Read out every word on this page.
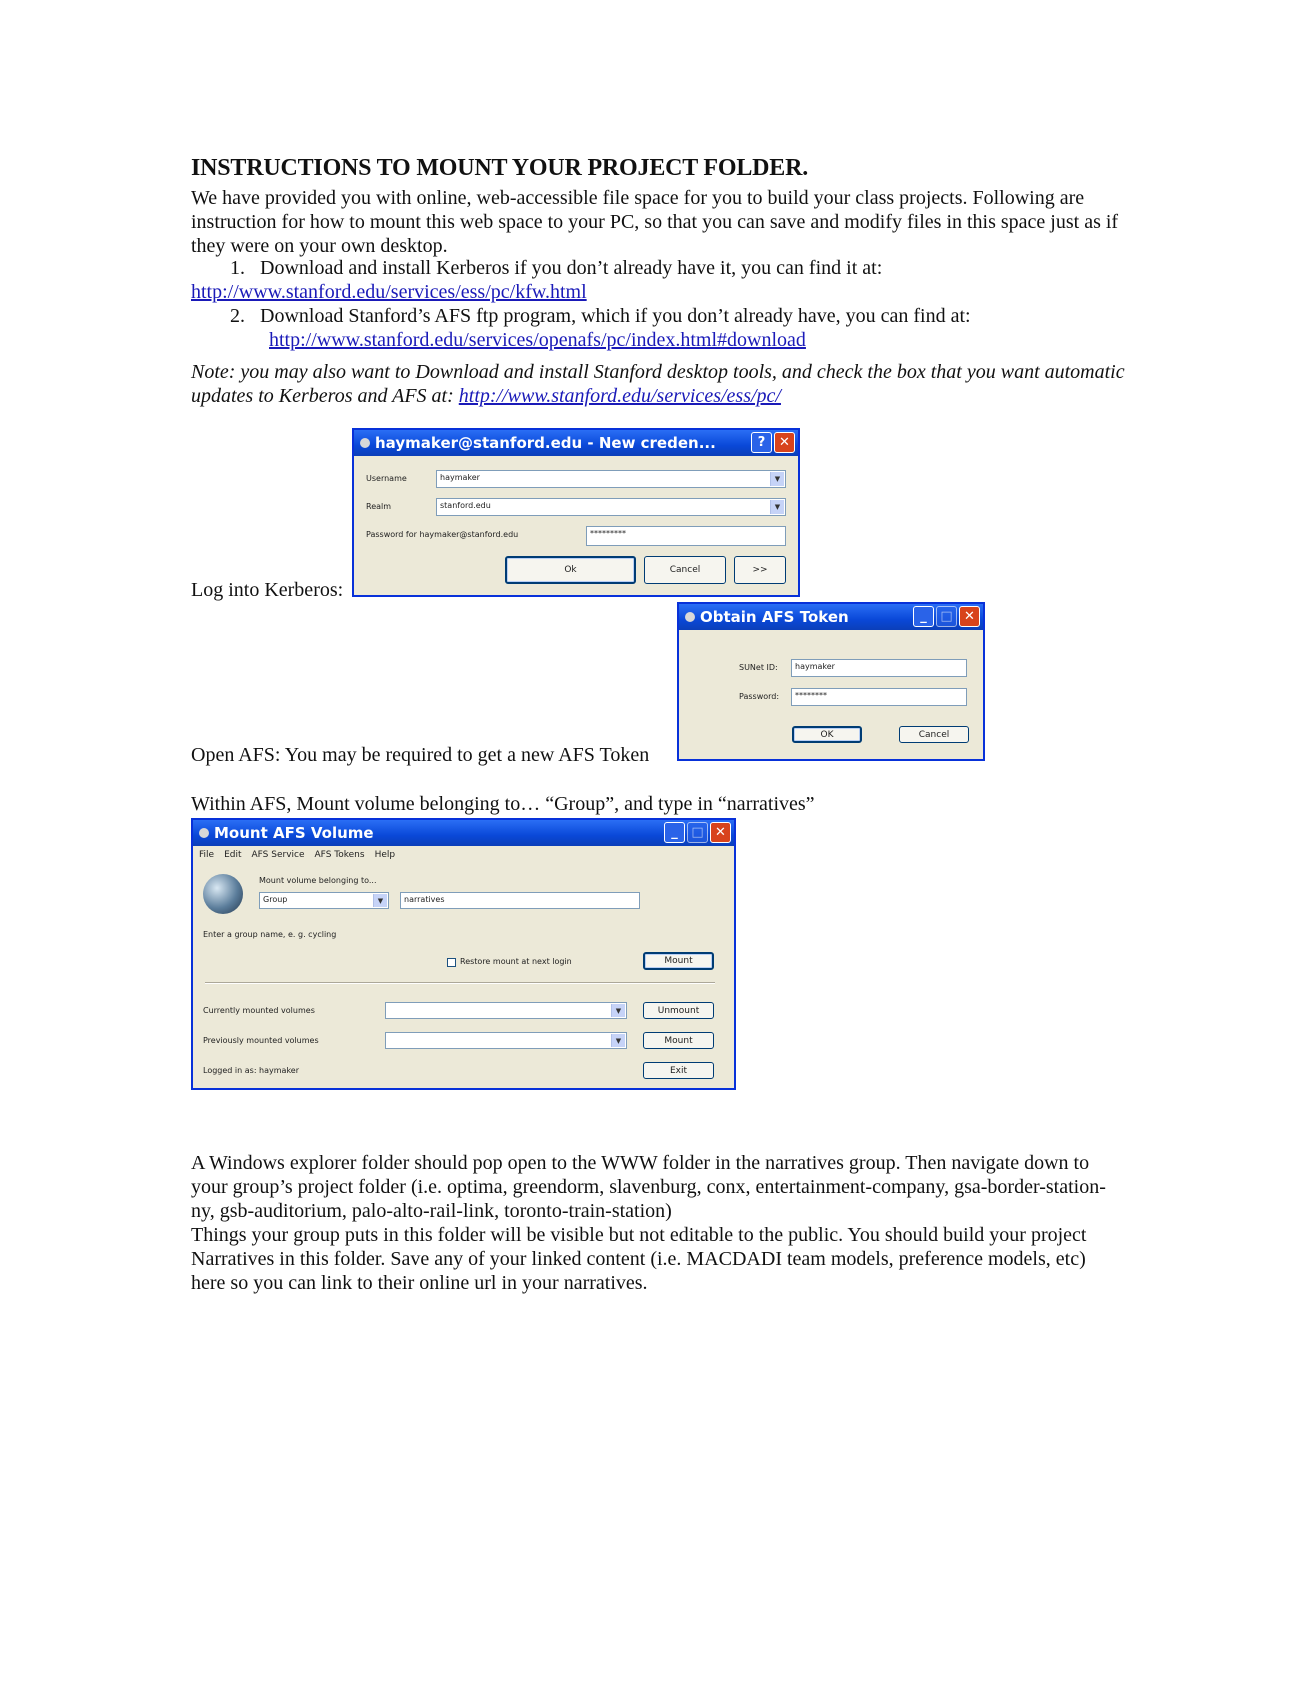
INSTRUCTIONS TO MOUNT YOUR PROJECT FOLDER.
We have provided you with online, web-accessible file space for you to build your class projects. Following are instruction for how to mount this web space to your PC, so that you can save and modify files in this space just as if they were on your own desktop.
1. Download and install Kerberos if you don’t already have it, you can find it at:
http://www.stanford.edu/services/ess/pc/kfw.html
2. Download Stanford’s AFS ftp program, which if you don’t already have, you can find at:
http://www.stanford.edu/services/openafs/pc/index.html#download
Note: you may also want to Download and install Stanford desktop tools, and check the box that you want automatic updates to Kerberos and AFS at: http://www.stanford.edu/services/ess/pc/
Log into Kerberos:
haymaker@stanford.edu - New creden...	?	✕
Username	haymaker	▼
Realm	stanford.edu	▼
Password for haymaker@stanford.edu	*********
Ok	Cancel	>>
Open AFS: You may be required to get a new AFS Token
Obtain AFS Token	_	□ ✕
SUNet ID:	haymaker
Password:	********
OK	Cancel
Within AFS, Mount volume belonging to… “Group”, and type in “narratives”
Mount AFS Volume	_	□ ✕
File Edit AFS Service AFS Tokens Help
Mount volume belonging to...
Group	▼	narratives
Enter a group name, e. g. cycling
Restore mount at next login	Mount
Currently mounted volumes	▼	Unmount
Previously mounted volumes	▼	Mount
Logged in as: haymaker	Exit
A Windows explorer folder should pop open to the WWW folder in the narratives group. Then navigate down to your group’s project folder (i.e. optima, greendorm, slavenburg, conx, entertainment-company, gsa-border-station-ny, gsb-auditorium, palo-alto-rail-link, toronto-train-station)
Things your group puts in this folder will be visible but not editable to the public. You should build your project Narratives in this folder. Save any of your linked content (i.e. MACDADI team models, preference models, etc) here so you can link to their online url in your narratives.
